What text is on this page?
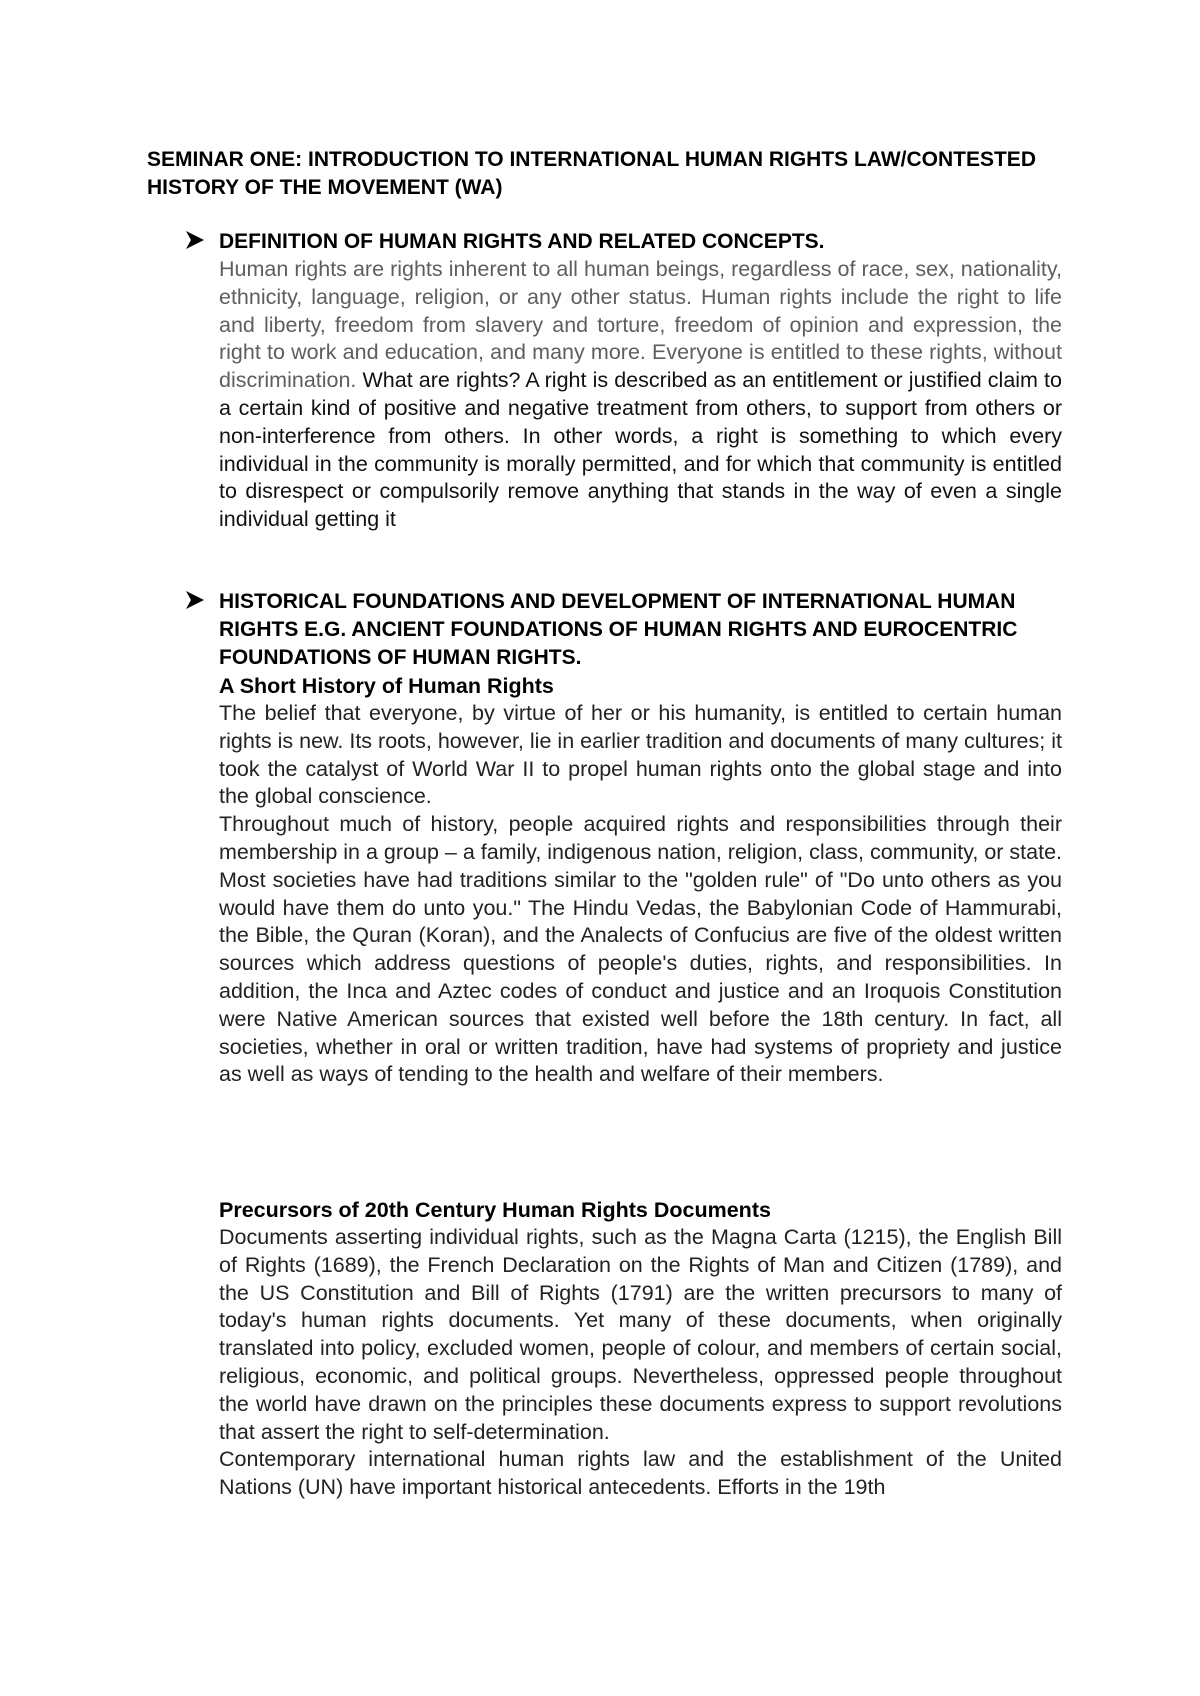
SEMINAR ONE: INTRODUCTION TO INTERNATIONAL HUMAN RIGHTS LAW/CONTESTED HISTORY OF THE MOVEMENT (WA)
DEFINITION OF HUMAN RIGHTS AND RELATED CONCEPTS.

Human rights are rights inherent to all human beings, regardless of race, sex, nationality, ethnicity, language, religion, or any other status. Human rights include the right to life and liberty, freedom from slavery and torture, freedom of opinion and expression, the right to work and education, and many more. Everyone is entitled to these rights, without discrimination. What are rights? A right is described as an entitlement or justified claim to a certain kind of positive and negative treatment from others, to support from others or non-interference from others. In other words, a right is something to which every individual in the community is morally permitted, and for which that community is entitled to disrespect or compulsorily remove anything that stands in the way of even a single individual getting it

HISTORICAL FOUNDATIONS AND DEVELOPMENT OF INTERNATIONAL HUMAN RIGHTS E.G. ANCIENT FOUNDATIONS OF HUMAN RIGHTS AND EUROCENTRIC FOUNDATIONS OF HUMAN RIGHTS.
A Short History of Human Rights

The belief that everyone, by virtue of her or his humanity, is entitled to certain human rights is new. Its roots, however, lie in earlier tradition and documents of many cultures; it took the catalyst of World War II to propel human rights onto the global stage and into the global conscience.

Throughout much of history, people acquired rights and responsibilities through their membership in a group – a family, indigenous nation, religion, class, community, or state. Most societies have had traditions similar to the "golden rule" of "Do unto others as you would have them do unto you." The Hindu Vedas, the Babylonian Code of Hammurabi, the Bible, the Quran (Koran), and the Analects of Confucius are five of the oldest written sources which address questions of people's duties, rights, and responsibilities. In addition, the Inca and Aztec codes of conduct and justice and an Iroquois Constitution were Native American sources that existed well before the 18th century. In fact, all societies, whether in oral or written tradition, have had systems of propriety and justice as well as ways of tending to the health and welfare of their members.

Precursors of 20th Century Human Rights Documents

Documents asserting individual rights, such as the Magna Carta (1215), the English Bill of Rights (1689), the French Declaration on the Rights of Man and Citizen (1789), and the US Constitution and Bill of Rights (1791) are the written precursors to many of today's human rights documents. Yet many of these documents, when originally translated into policy, excluded women, people of colour, and members of certain social, religious, economic, and political groups. Nevertheless, oppressed people throughout the world have drawn on the principles these documents express to support revolutions that assert the right to self-determination.

Contemporary international human rights law and the establishment of the United Nations (UN) have important historical antecedents. Efforts in the 19th
